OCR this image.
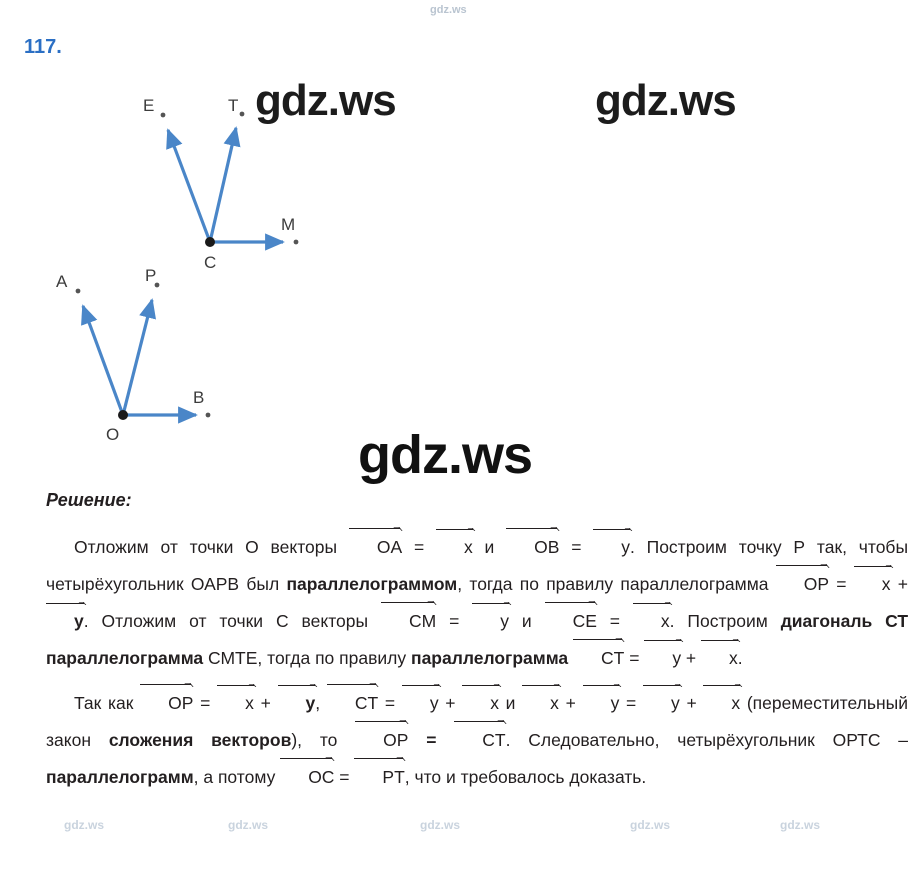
gdz.ws
gdz.ws	gdz.ws
gdz.ws
gdz.ws	gdz.ws	gdz.ws	gdz.ws	gdz.ws
117.
E	T
M
C
A	P
B
O
Решение:

Отложим от точки О векторы OA = x и OB = y. Построим точку Р так, чтобы четырёхугольник ОАРВ был параллелограммом, тогда по правилу параллелограмма OP = x + y. Отложим от точки С векторы CM = y и CE = x. Построим диагональ СТ параллелограмма СМТЕ, тогда по правилу параллелограмма CT = y + x.

Так как OP = x + y, CT = y + x и x + y = y + x (переместительный закон сложения векторов), то OP = CT. Следовательно, четырёхугольник ОРТС – параллелограмм, а потому OC = PT, что и требовалось доказать.
